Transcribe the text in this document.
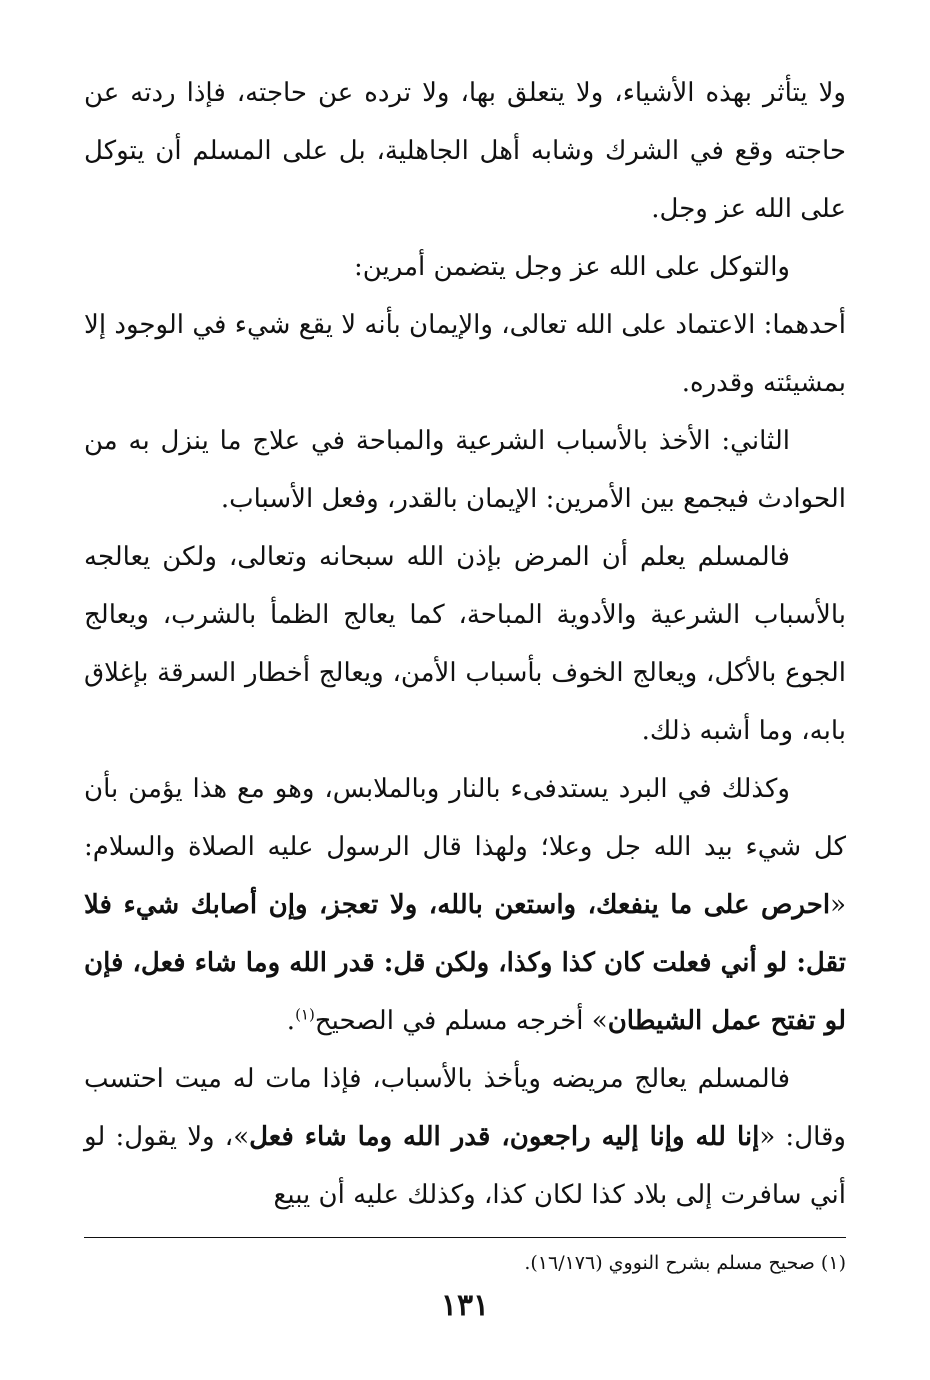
ولا يتأثر بهذه الأشياء، ولا يتعلق بها، ولا ترده عن حاجته، فإذا ردته عن حاجته وقع في الشرك وشابه أهل الجاهلية، بل على المسلم أن يتوكل على الله عز وجل.

والتوكل على الله عز وجل يتضمن أمرين:

أحدهما: الاعتماد على الله تعالى، والإيمان بأنه لا يقع شيء في الوجود إلا بمشيئته وقدره.

الثاني: الأخذ بالأسباب الشرعية والمباحة في علاج ما ينزل به من الحوادث فيجمع بين الأمرين: الإيمان بالقدر، وفعل الأسباب.

فالمسلم يعلم أن المرض بإذن الله سبحانه وتعالى، ولكن يعالجه بالأسباب الشرعية والأدوية المباحة، كما يعالج الظمأ بالشرب، ويعالج الجوع بالأكل، ويعالج الخوف بأسباب الأمن، ويعالج أخطار السرقة بإغلاق بابه، وما أشبه ذلك.

وكذلك في البرد يستدفىء بالنار وبالملابس، وهو مع هذا يؤمن بأن كل شيء بيد الله جل وعلا؛ ولهذا قال الرسول عليه الصلاة والسلام: «احرص على ما ينفعك، واستعن بالله، ولا تعجز، وإن أصابك شيء فلا تقل: لو أني فعلت كان كذا وكذا، ولكن قل: قدر الله وما شاء فعل، فإن لو تفتح عمل الشيطان» أخرجه مسلم في الصحيح$^{(١)}$.

فالمسلم يعالج مريضه ويأخذ بالأسباب، فإذا مات له ميت احتسب وقال: «إنا لله وإنا إليه راجعون، قدر الله وما شاء فعل»، ولا يقول: لو أني سافرت إلى بلاد كذا لكان كذا، وكذلك عليه أن يبيع

(١) صحيح مسلم بشرح النووي (١٦/١٧٦).
١٣١
